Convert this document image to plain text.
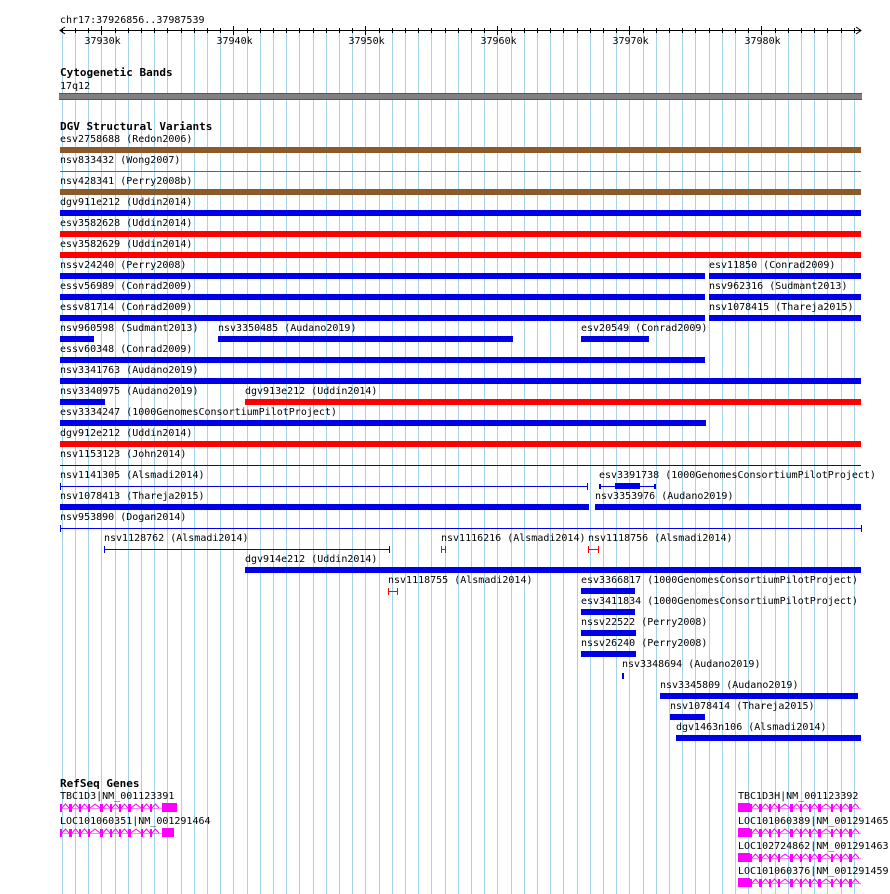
chr17:37926856..37987539
Cytogenetic Bands
17q12
DGV Structural Variants
esv2758688 (Redon2006)
nsv833432 (Wong2007)
nsv428341 (Perry2008b)
dgv911e212 (Uddin2014)
esv3582628 (Uddin2014)
esv3582629 (Uddin2014)
nssv24240 (Perry2008)	esv11850 (Conrad2009)
essv56989 (Conrad2009)	nsv962316 (Sudmant2013)
essv81714 (Conrad2009)	nsv1078415 (Thareja2015)
nsv960598 (Sudmant2013) nsv3350485 (Audano2019)	esv20549 (Conrad2009)
essv60348 (Conrad2009)
nsv3341763 (Audano2019)
nsv3340975 (Audano2019)	dgv913e212 (Uddin2014)
esv3334247 (1000GenomesConsortiumPilotProject)
dgv912e212 (Uddin2014)
nsv1153123 (John2014)
nsv1141305 (Alsmadi2014)	esv3391738 (1000GenomesConsortiumPilotProject)
nsv1078413 (Thareja2015)	nsv3353976 (Audano2019)
nsv953890 (Dogan2014)
nsv1128762 (Alsmadi2014)	nsv1116216 (Alsmadi2014) nsv1118756 (Alsmadi2014)
dgv914e212 (Uddin2014)
nsv1118755 (Alsmadi2014)	esv3366817 (1000GenomesConsortiumPilotProject)
esv3411834 (1000GenomesConsortiumPilotProject)
nssv22522 (Perry2008)
nssv26240 (Perry2008)
nsv3348694 (Audano2019)
nsv3345809 (Audano2019)
nsv1078414 (Thareja2015)
dgv1463n106 (Alsmadi2014)
RefSeq Genes
TBC1D3|NM_001123391
LOC101060351|NM_001291464
TBC1D3H|NM_001123392
LOC101060389|NM_001291465
LOC102724862|NM_001291463
LOC101060376|NM_001291459
37930k	37940k	37950k	37960k	37970k	37980k
